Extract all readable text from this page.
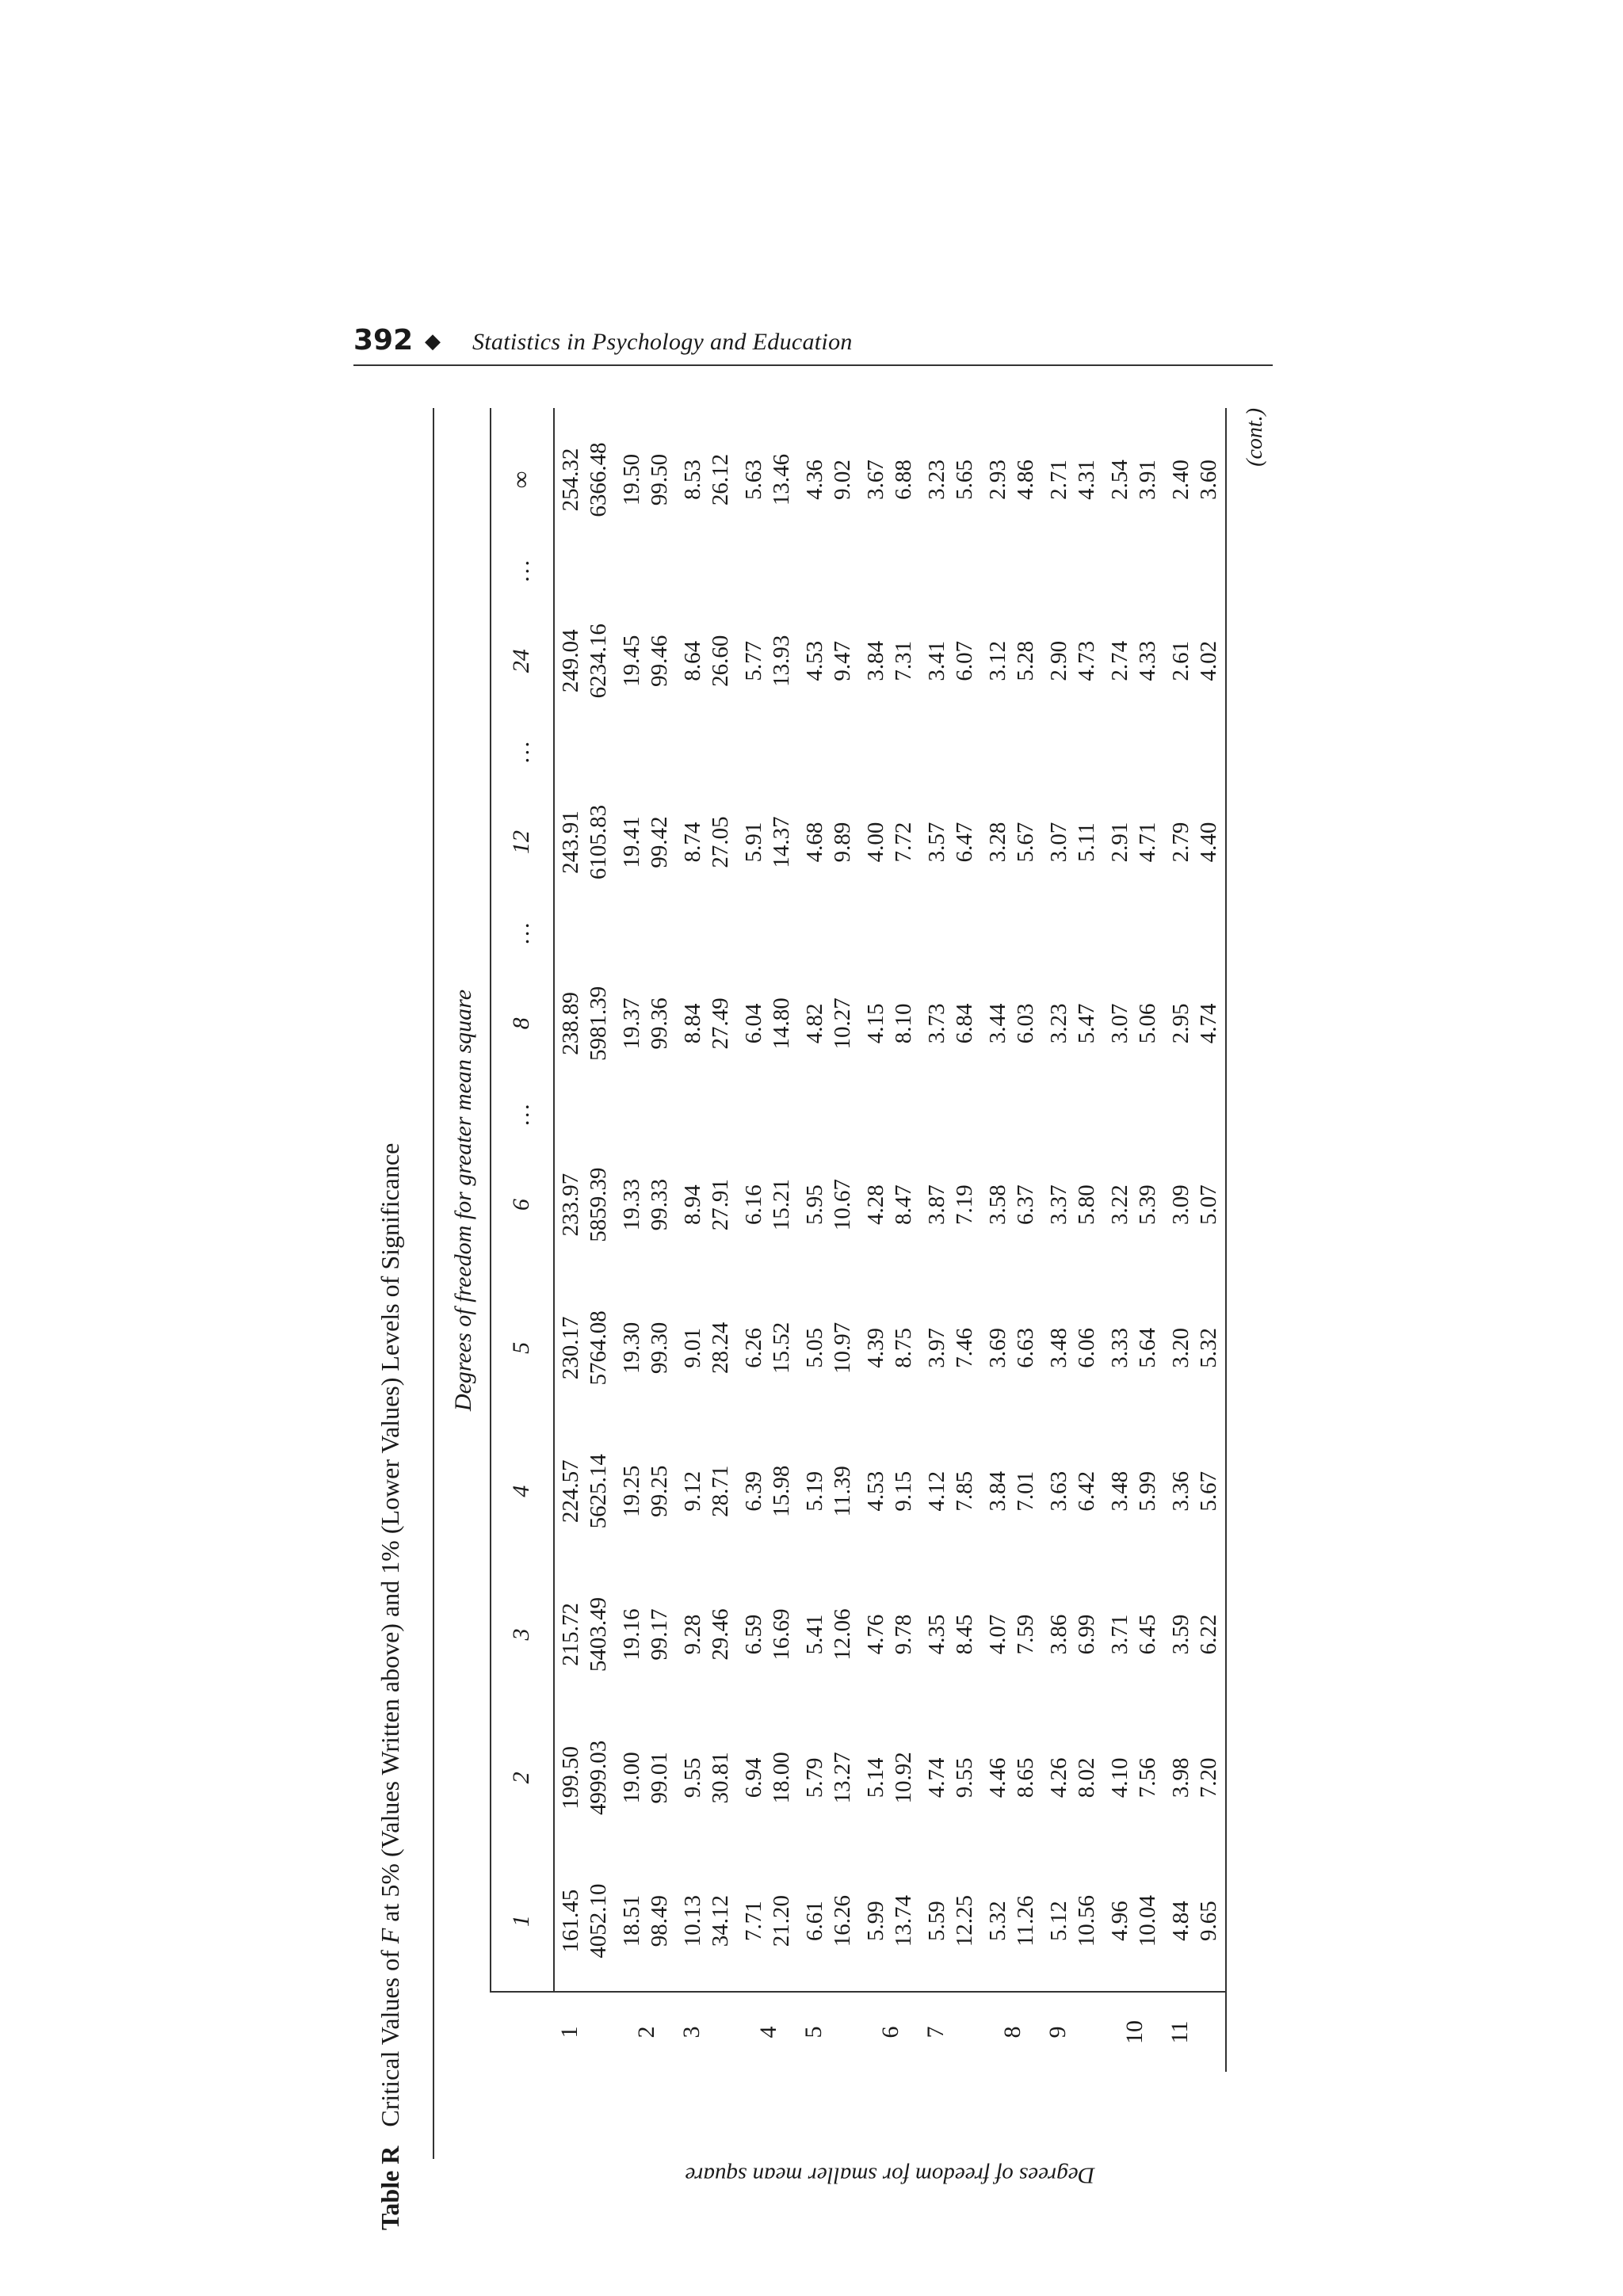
392 ◆ Statistics in Psychology and Education
Table R Critical Values of F at 5% (Values Written above) and 1% (Lower Values) Levels of Significance	Degrees of freedom for greater mean square
1
2
3
4
5
6
…
8
…
12
…
24
…
∞
Degrees of freedom for smaller mean square
1
161.45 4052.10
199.50 4999.03
215.72 5403.49
224.57 5625.14
230.17 5764.08
233.97 5859.39
238.89 5981.39
243.91 6105.83
249.04 6234.16
254.32 6366.48
2
18.51 98.49
19.00 99.01
19.16 99.17
19.25 99.25
19.30 99.30
19.33 99.33
19.37 99.36
19.41 99.42
19.45 99.46
19.50 99.50
3
10.13 34.12
9.55 30.81
9.28 29.46
9.12 28.71
9.01 28.24
8.94 27.91
8.84 27.49
8.74 27.05
8.64 26.60
8.53 26.12
4
7.71 21.20
6.94 18.00
6.59 16.69
6.39 15.98
6.26 15.52
6.16 15.21
6.04 14.80
5.91 14.37
5.77 13.93
5.63 13.46
5
6.61 16.26
5.79 13.27
5.41 12.06
5.19 11.39
5.05 10.97
5.95 10.67
4.82 10.27
4.68 9.89
4.53 9.47
4.36 9.02
6
5.99 13.74
5.14 10.92
4.76 9.78
4.53 9.15
4.39 8.75
4.28 8.47
4.15 8.10
4.00 7.72
3.84 7.31
3.67 6.88
7
5.59 12.25
4.74 9.55
4.35 8.45
4.12 7.85
3.97 7.46
3.87 7.19
3.73 6.84
3.57 6.47
3.41 6.07
3.23 5.65
8
5.32 11.26
4.46 8.65
4.07 7.59
3.84 7.01
3.69 6.63
3.58 6.37
3.44 6.03
3.28 5.67
3.12 5.28
2.93 4.86
9
5.12 10.56
4.26 8.02
3.86 6.99
3.63 6.42
3.48 6.06
3.37 5.80
3.23 5.47
3.07 5.11
2.90 4.73
2.71 4.31
10
4.96 10.04
4.10 7.56
3.71 6.45
3.48 5.99
3.33 5.64
3.22 5.39
3.07 5.06
2.91 4.71
2.74 4.33
2.54 3.91
11
4.84 9.65
3.98 7.20
3.59 6.22
3.36 5.67
3.20 5.32
3.09 5.07
2.95 4.74
2.79 4.40
2.61 4.02
2.40 3.60
(cont.)
